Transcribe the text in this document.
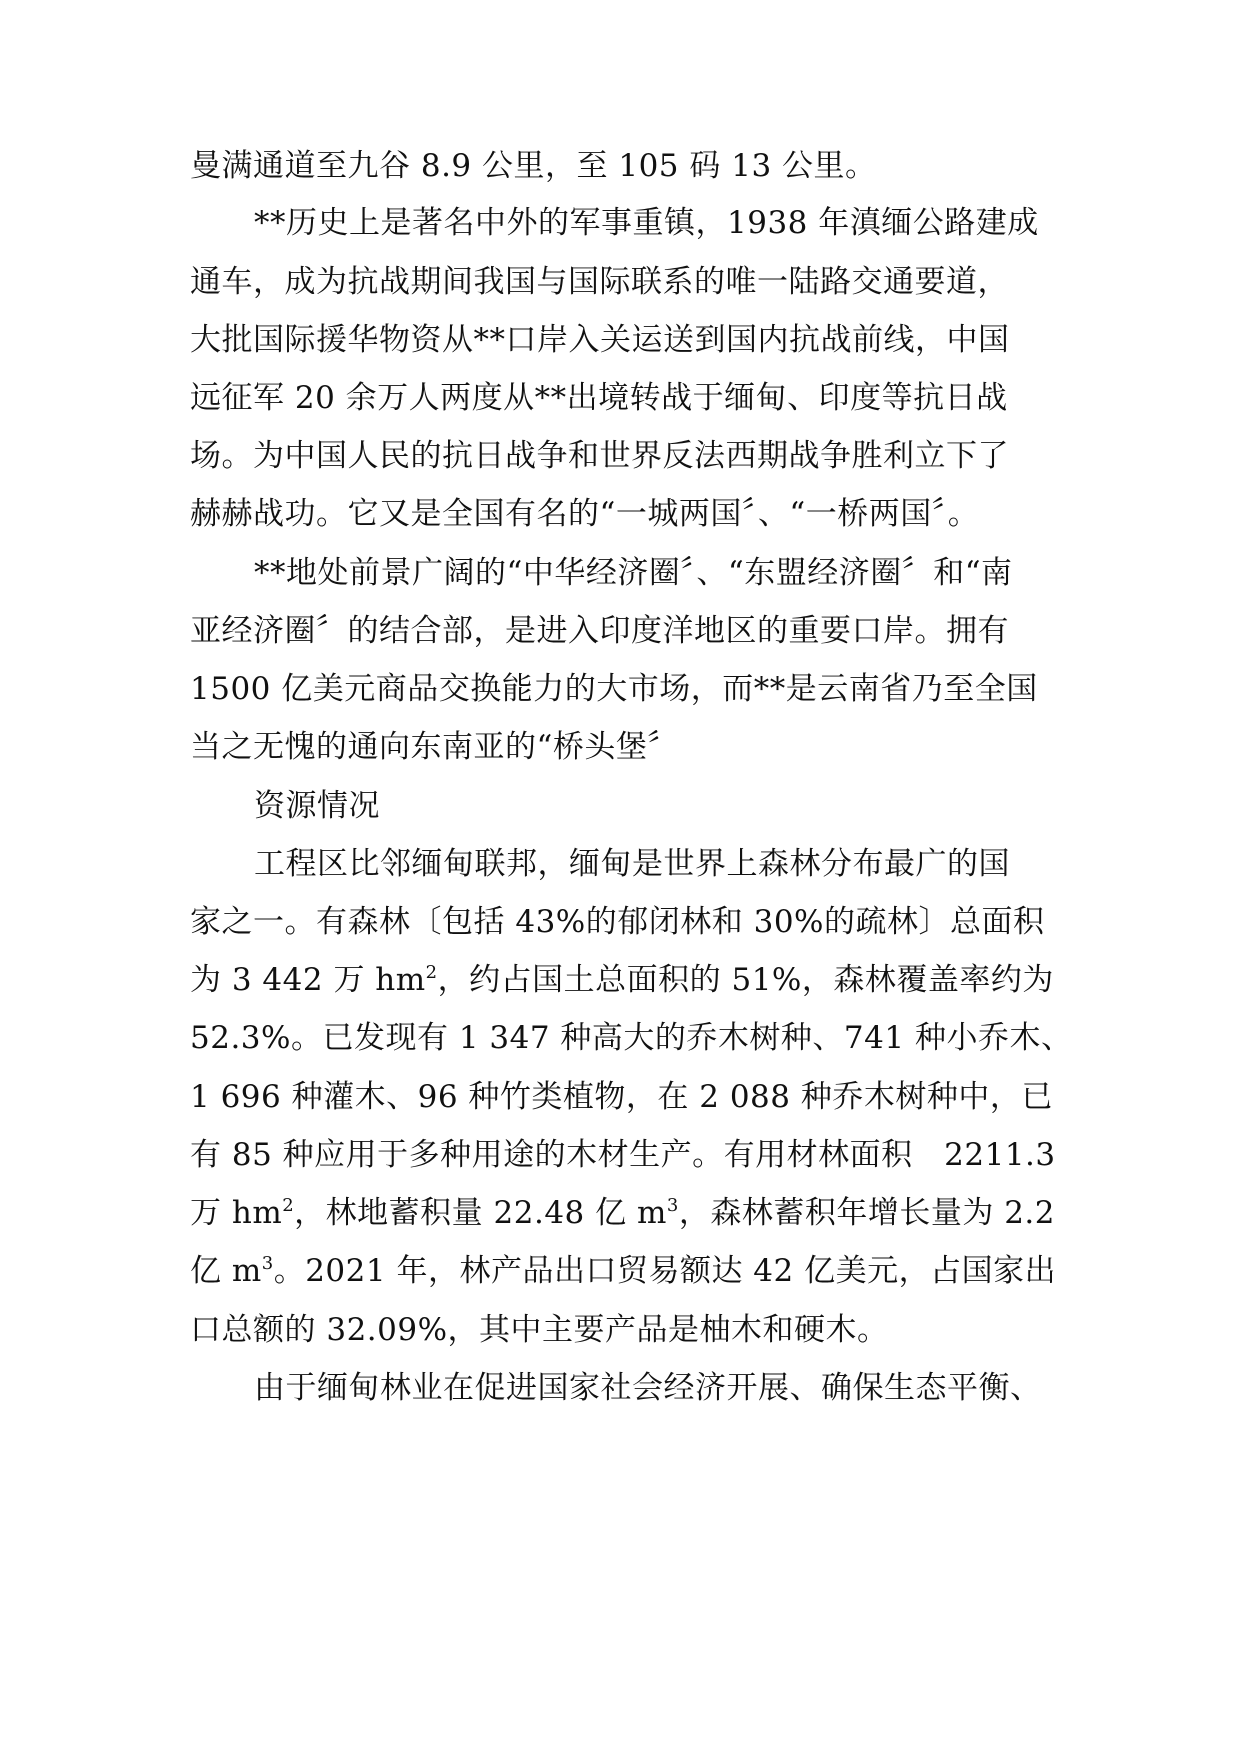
曼满通道至九谷 8.9 公里，至 105 码 13 公里。
**历史上是著名中外的军事重镇，1938 年滇缅公路建成
通车，成为抗战期间我国与国际联系的唯一陆路交通要道，
大批国际援华物资从**口岸入关运送到国内抗战前线，中国
远征军 20 余万人两度从**出境转战于缅甸、印度等抗日战
场。为中国人民的抗日战争和世界反法西期战争胜利立下了
赫赫战功。它又是全国有名的“一城两国〞、“一桥两国〞。
**地处前景广阔的“中华经济圈〞、“东盟经济圈〞和“南
亚经济圈〞的结合部，是进入印度洋地区的重要口岸。拥有
1500 亿美元商品交换能力的大市场，而**是云南省乃至全国
当之无愧的通向东南亚的“桥头堡〞
资源情况
工程区比邻缅甸联邦，缅甸是世界上森林分布最广的国
家之一。有森林〔包括 43%的郁闭林和 30%的疏林〕总面积
为 3 442 万 $hm^2$，约占国土总面积的 51%，森林覆盖率约为
52.3%。已发现有 1 347 种高大的乔木树种、741 种小乔木、
1 696 种灌木、96 种竹类植物，在 2 088 种乔木树种中，已
有 85 种应用于多种用途的木材生产。有用材林面积　2211.3
万 $hm^2$，林地蓄积量 22.48 亿 $m^3$，森林蓄积年增长量为 2.2
亿 $m^3$。2021 年，林产品出口贸易额达 42 亿美元，占国家出
口总额的 32.09%，其中主要产品是柚木和硬木。
由于缅甸林业在促进国家社会经济开展、确保生态平衡、
